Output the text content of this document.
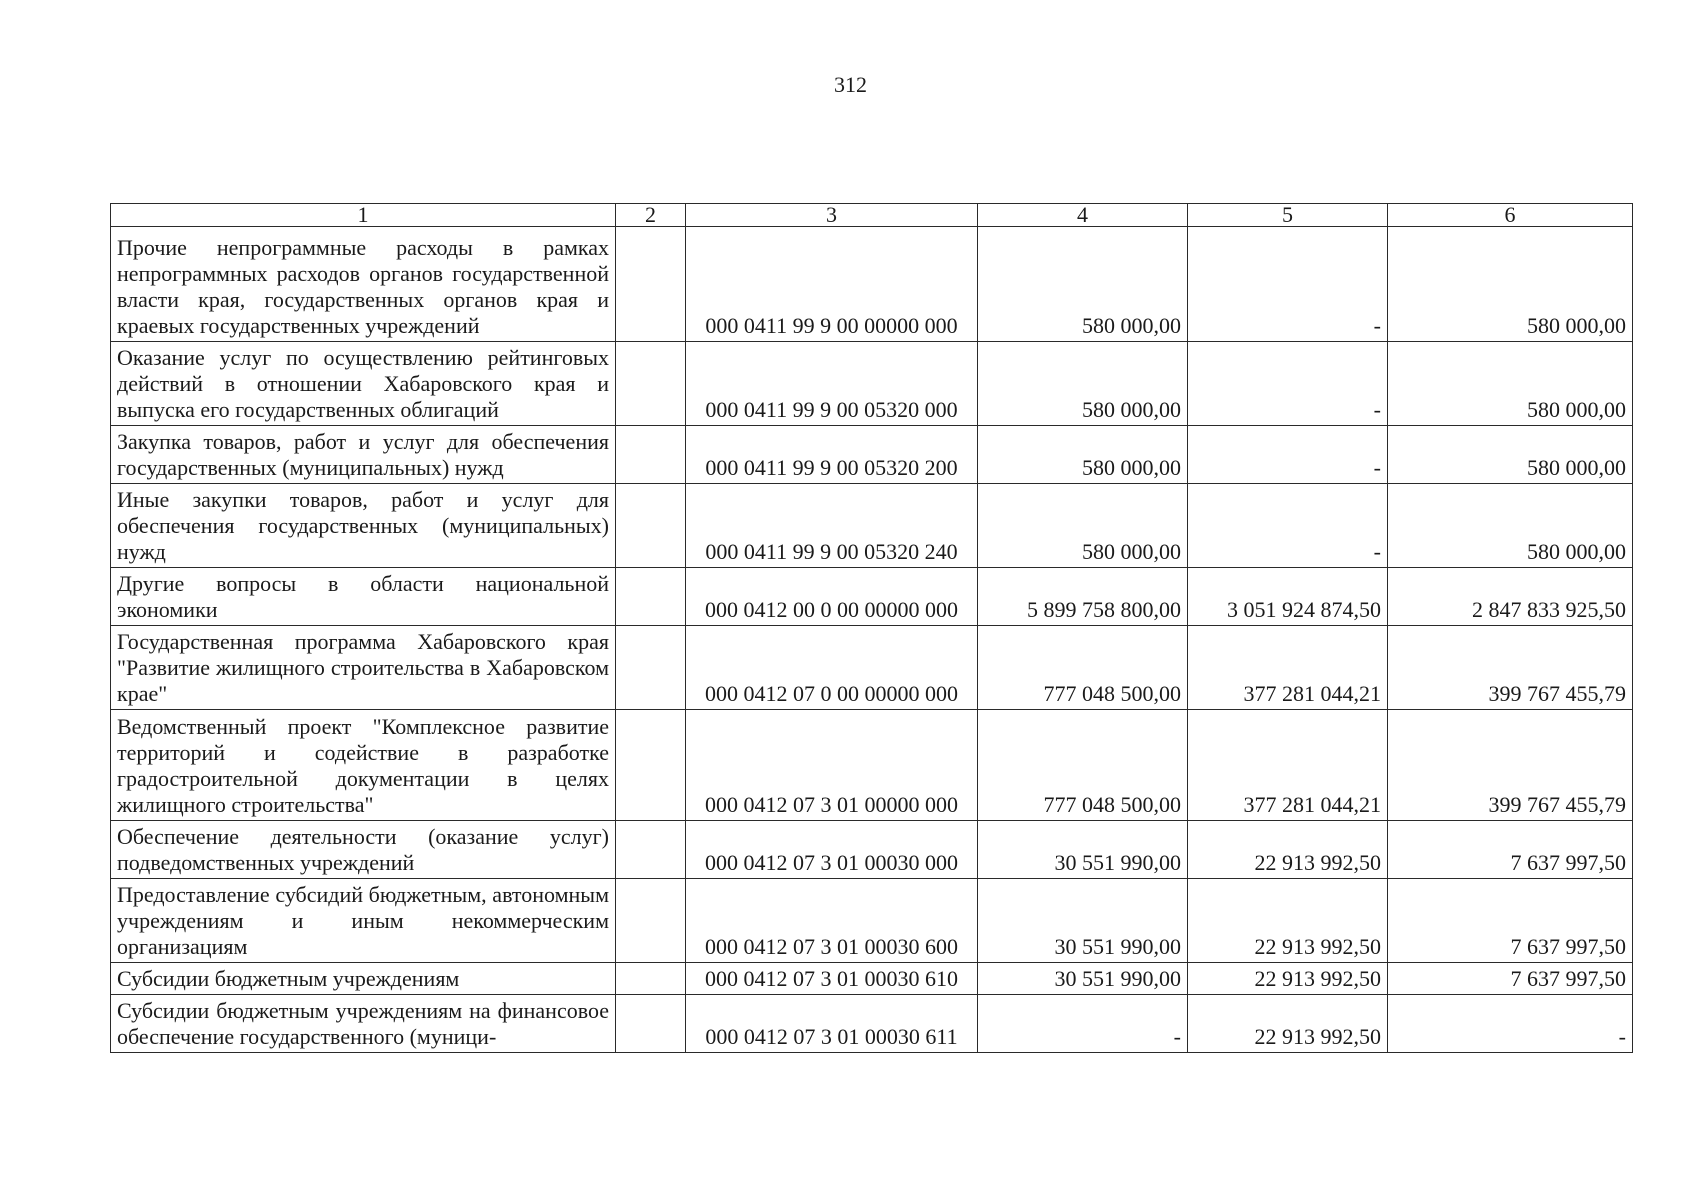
312
1	2	3	4	5	6
Прочие непрограммные расходы в рамках непрограммных расходов органов государственной власти края, государственных органов края и краевых государственных учреждений		000 0411 99 9 00 00000 000	580 000,00	-	580 000,00
Оказание услуг по осуществлению рейтинговых действий в отношении Хабаровского края и выпуска его государственных облигаций		000 0411 99 9 00 05320 000	580 000,00	-	580 000,00
Закупка товаров, работ и услуг для обеспечения государственных (муниципальных) нужд		000 0411 99 9 00 05320 200	580 000,00	-	580 000,00
Иные закупки товаров, работ и услуг для обеспечения государственных (муниципальных) нужд		000 0411 99 9 00 05320 240	580 000,00	-	580 000,00
Другие вопросы в области национальной экономики		000 0412 00 0 00 00000 000	5 899 758 800,00	3 051 924 874,50	2 847 833 925,50
Государственная программа Хабаровского края "Развитие жилищного строительства в Хабаровском крае"		000 0412 07 0 00 00000 000	777 048 500,00	377 281 044,21	399 767 455,79
Ведомственный проект "Комплексное развитие территорий и содействие в разработке градостроительной документации в целях жилищного строительства"		000 0412 07 3 01 00000 000	777 048 500,00	377 281 044,21	399 767 455,79
Обеспечение деятельности (оказание услуг) подведомственных учреждений		000 0412 07 3 01 00030 000	30 551 990,00	22 913 992,50	7 637 997,50
Предоставление субсидий бюджетным, автономным учреждениям и иным некоммерческим организациям		000 0412 07 3 01 00030 600	30 551 990,00	22 913 992,50	7 637 997,50
Субсидии бюджетным учреждениям		000 0412 07 3 01 00030 610	30 551 990,00	22 913 992,50	7 637 997,50
Субсидии бюджетным учреждениям на финансовое обеспечение государственного (муници-		000 0412 07 3 01 00030 611	-	22 913 992,50	-
